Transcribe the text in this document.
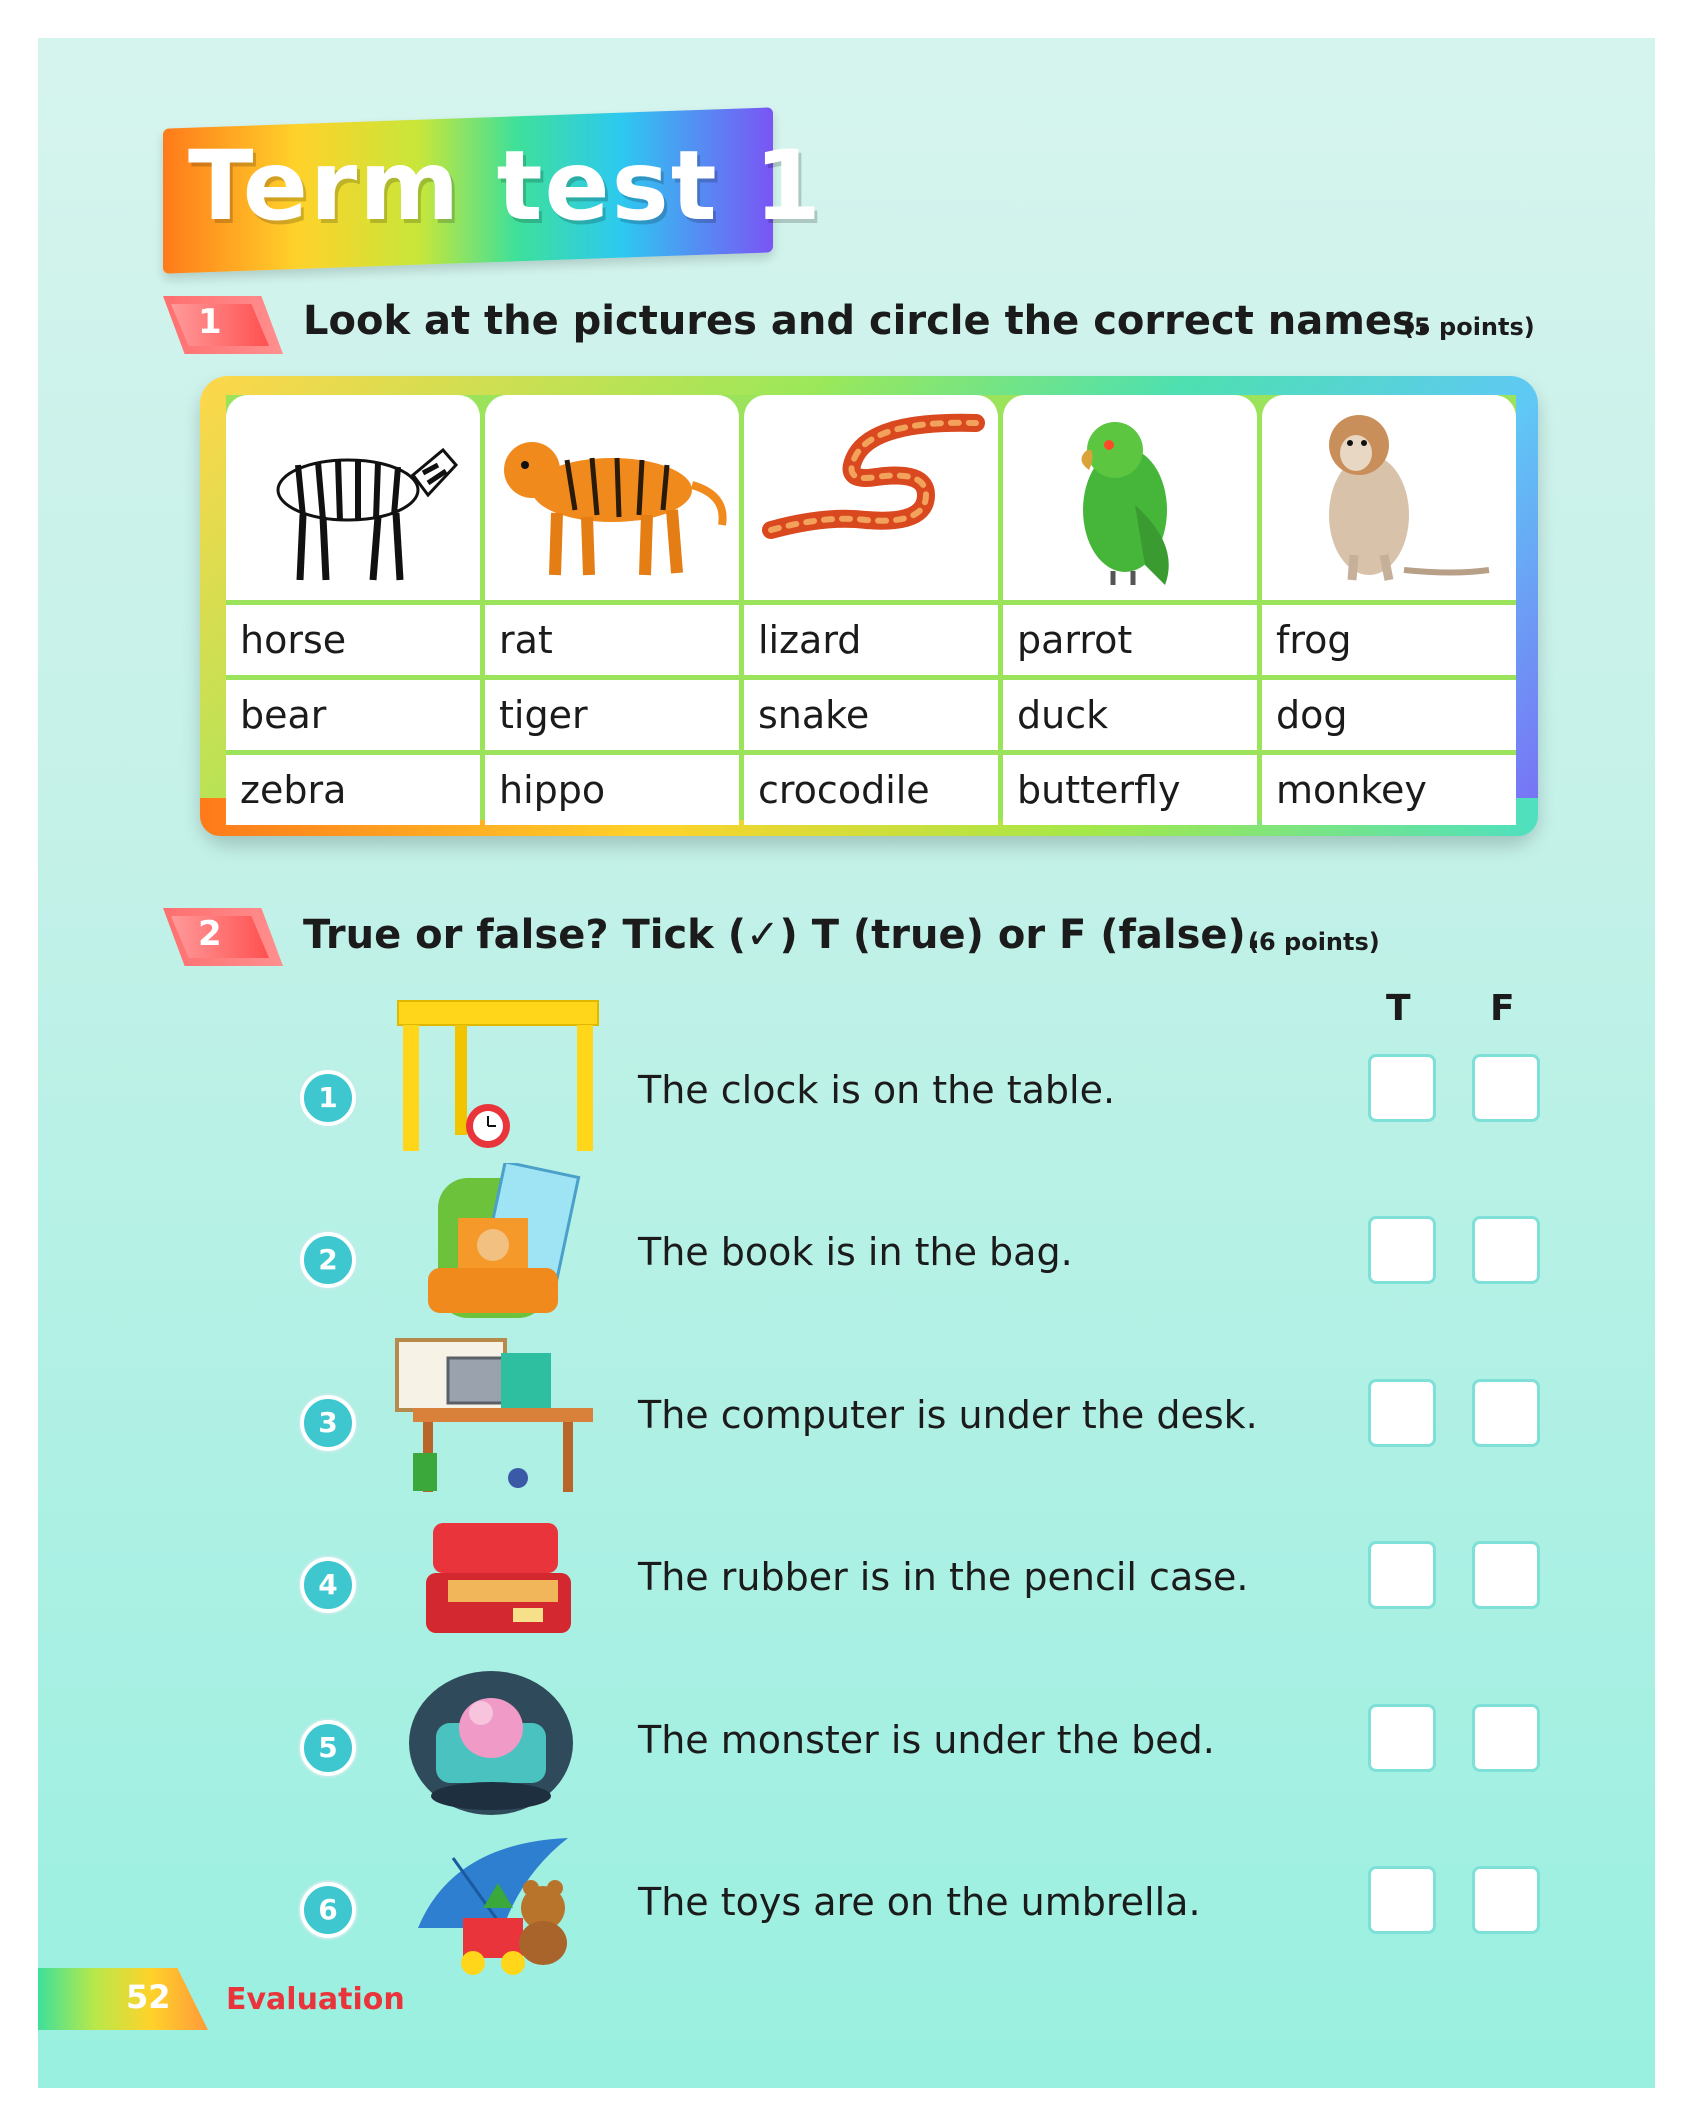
Term test 1
1 Look at the pictures and circle the correct names.
(5 points)
horse	rat	lizard	parrot	frog
bear	tiger	snake	duck	dog
zebra	hippo	crocodile	butterfly	monkey
2 True or false? Tick (✓) T (true) or F (false).
(6 points)
T F
1	The clock is on the table.
2	The book is in the bag.
3	The computer is under the desk.
4	The rubber is in the pencil case.
5	The monster is under the bed.
6	The toys are on the umbrella.
52 Evaluation
